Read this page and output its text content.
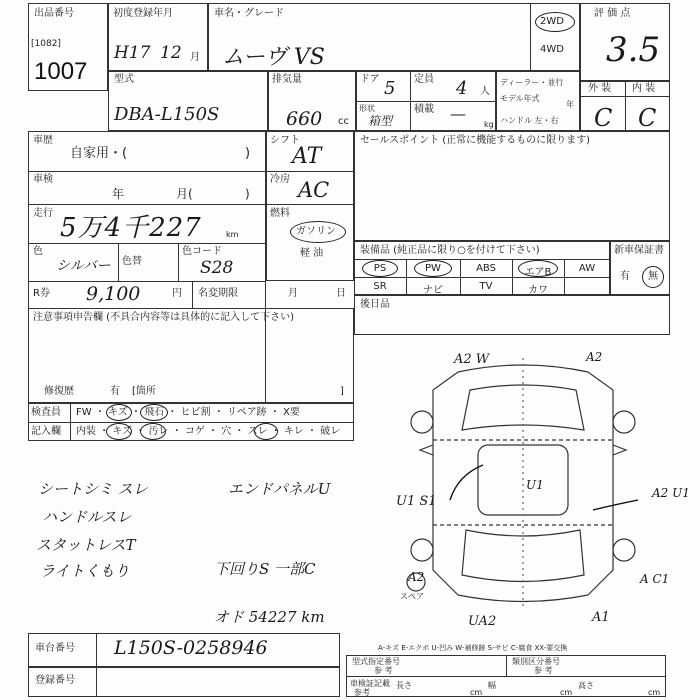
出品番号
[1082]
1007
初度登録年月
H17 12 月
車名・グレード
ムーヴ VS
2WD
4WD
評 価 点
3.5
型式
DBA-L150S
排気量
660 cc
ドア 5 定員 4 人
形状
箱型
積載 —
kg
ディーラー・並行
モデル年式
年
ハンドル 左・右
外 装 内 装
C C
車歴
自家用・(	)
車検
年	月(	)
走行 5万4千227	km
色
シルバー 色替
色コード
S28
R券 9,100	円 名変期限	月	日
注意事項申告欄 (不具合内容等は具体的に記入して下さい)
修復歴	有 [箇所	]
シフト
AT
冷房 AC
燃料
ガソリン
軽 油
セールスポイント (正常に機能するものに限ります)
装備品 (純正品に限り○を付けて下さい)
PS	PW	ABS	エアB	AW
SR	ナビ	TV	カワ
新車保証書
有 無
後日品
検査員
記入欄
FW ・ キズ ・ 飛石 ・ ヒビ割 ・ リペア跡 ・ X要
内装 ・ キズ ・ 汚レ ・ コゲ ・ 穴 ・ スレ ・ キレ ・ 破レ
シートシミ スレ
ハンドルスレ
スタットレスT
ライトくもり
エンドパネルU
下回りS 一部C
オド 54227 km
A2 W	A2
U1 S1
U1
A2 U1
A2	A C1
UA2	A1
スペア
A-キズ E-エクボ U-凹み W-補修跡 S-サビ C-腐食 XX-要交換
車台番号 L150S-0258946
登録番号
型式指定番号
参 考
類別区分番号
参 考
車検証記載
参考
長さ
cm
幅
cm
高さ
cm
